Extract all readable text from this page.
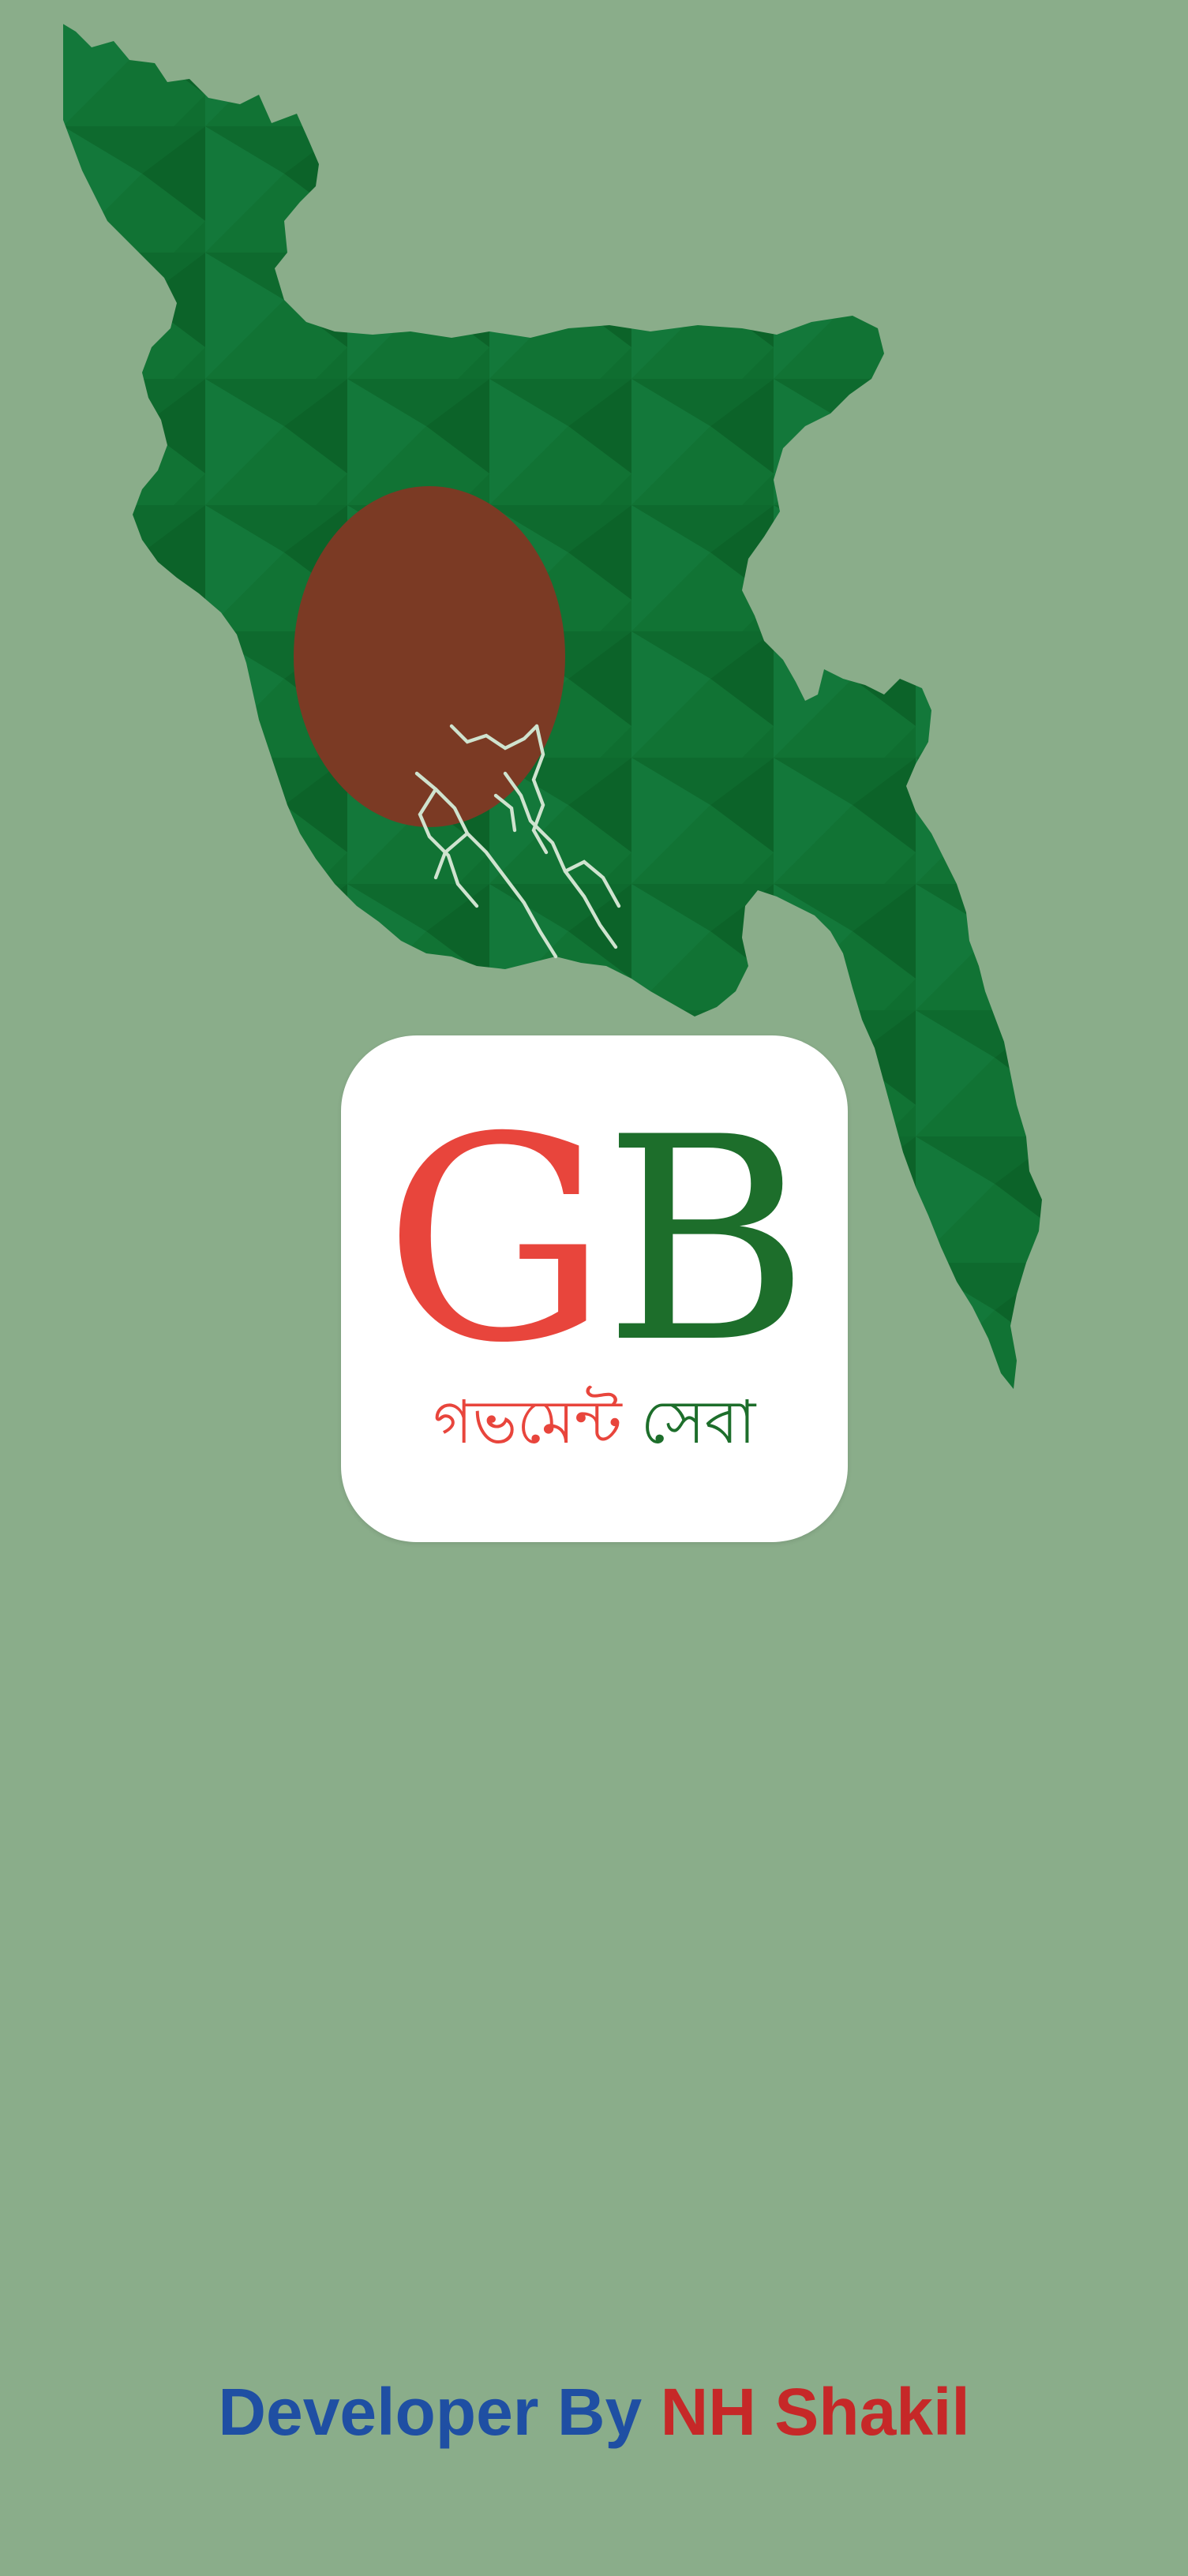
GB
গভমেন্ট সেবা
Developer By NH Shakil
